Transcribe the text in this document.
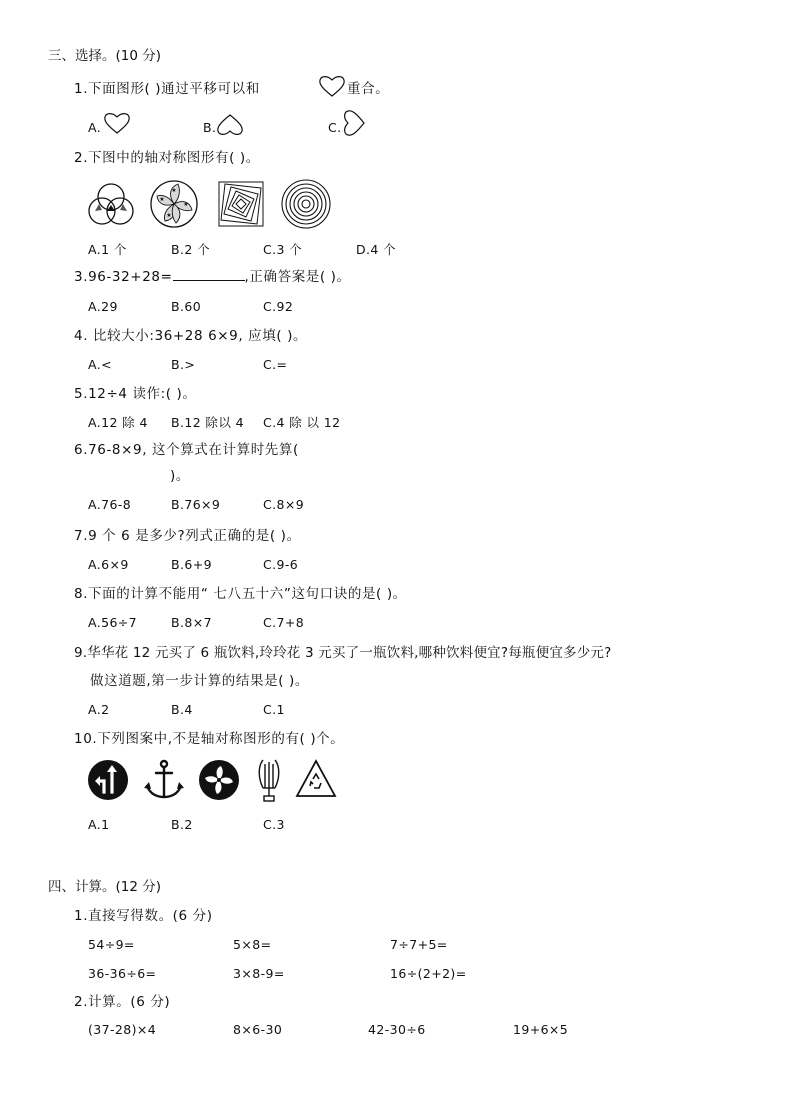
三、选择。(10 分)
1.下面图形( )通过平移可以和	重合。
A.	B.	C.
2.下图中的轴对称图形有( )。
★
★
★
★
A.1 个	B.2 个	C.3 个	D.4 个
3.96-32+28=	,正确答案是( )。
A.29	B.60	C.92
4. 比较大小:36+28 6×9, 应填( )。
A.<	B.>	C.=
5.12÷4 读作:( )。
A.12 除 4 B.12 除以 4 C.4 除 以 12
6.76-8×9, 这个算式在计算时先算(
)。
A.76-8	B.76×9	C.8×9
7.9 个 6 是多少?列式正确的是( )。
A.6×9	B.6+9	C.9-6
8.下面的计算不能用“ 七八五十六”这句口诀的是( )。
A.56÷7	B.8×7	C.7+8
9.华华花 12 元买了 6 瓶饮料,玲玲花 3 元买了一瓶饮料,哪种饮料便宜?每瓶便宜多少元?
做这道题,第一步计算的结果是( )。
A.2	B.4	C.1
10.下列图案中,不是轴对称图形的有( )个。
A.1	B.2	C.3
四、计算。(12 分)
1.直接写得数。(6 分)
54÷9=	5×8=	7÷7+5=
36-36÷6=	3×8-9=	16÷(2+2)=
2.计算。(6 分)
(37-28)×4	8×6-30	42-30÷6	19+6×5
